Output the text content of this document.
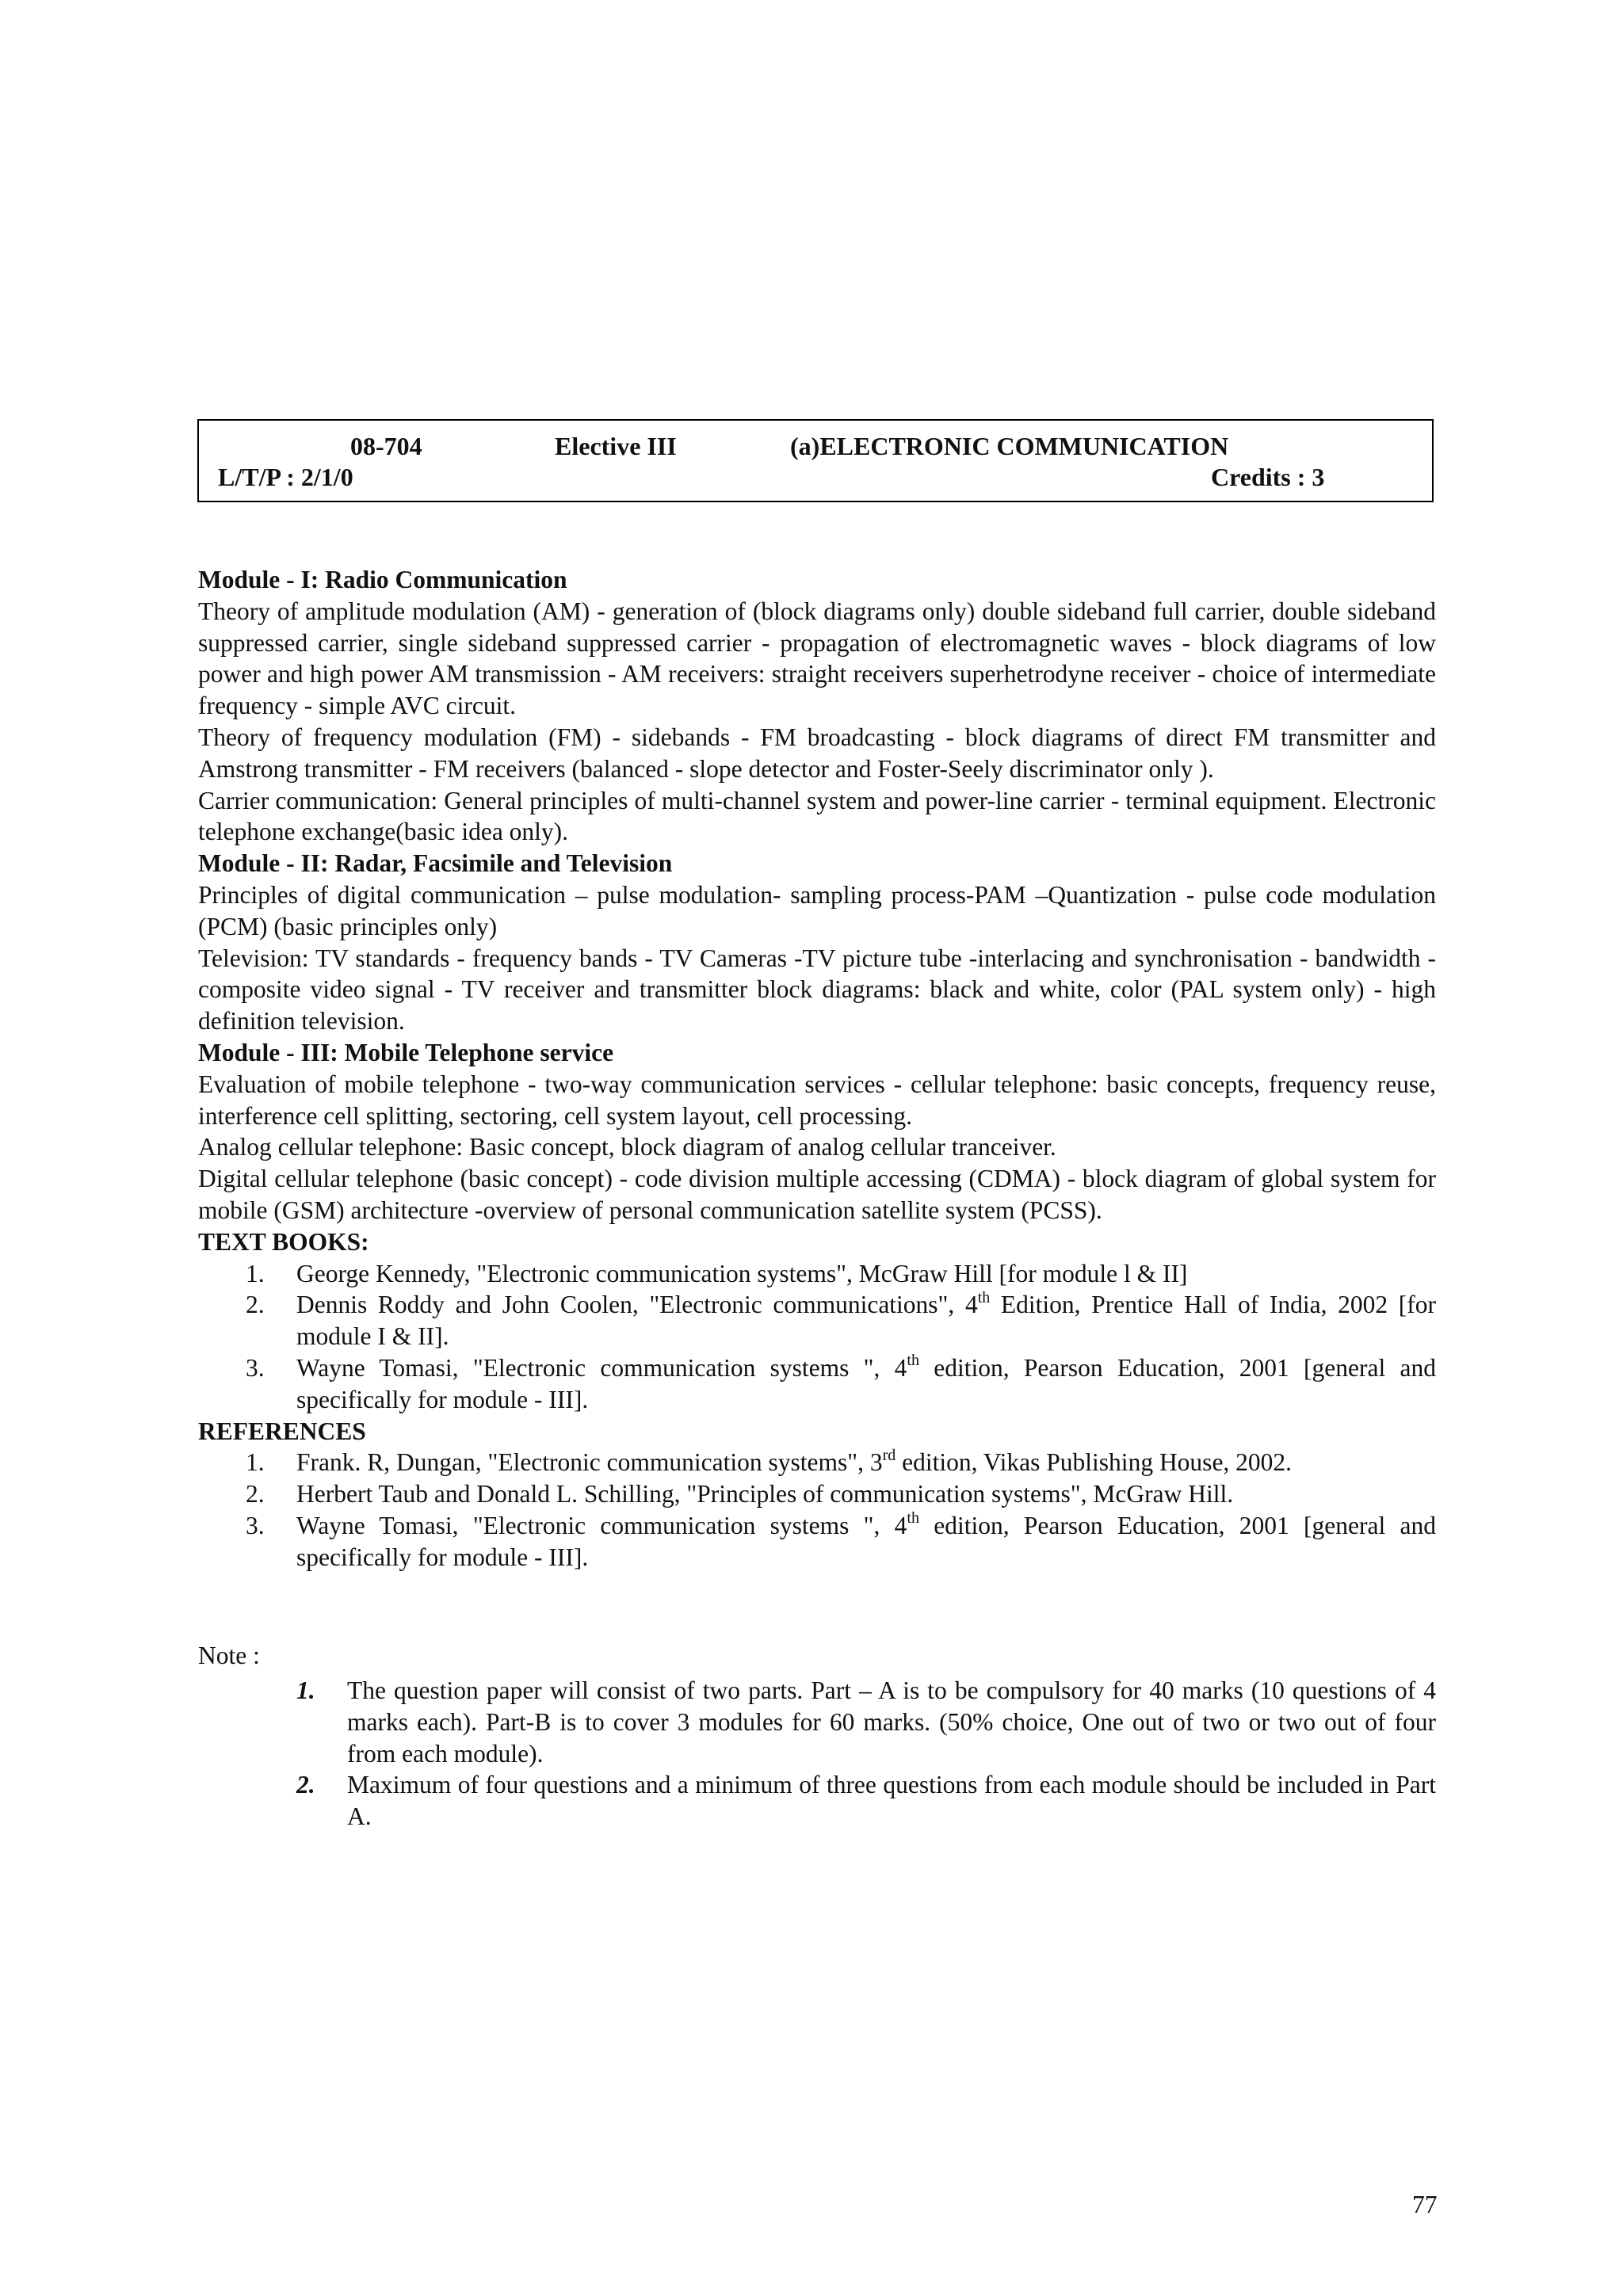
08-704	Elective III	(a)ELECTRONIC COMMUNICATION
L/T/P : 2/1/0	Credits : 3

Module - I: Radio Communication

Theory of amplitude modulation (AM) - generation of (block diagrams only) double sideband full carrier, double sideband suppressed carrier, single sideband suppressed carrier - propagation of electromagnetic waves - block diagrams of low power and high power AM transmission - AM receivers: straight receivers superhetrodyne receiver - choice of intermediate frequency - simple AVC circuit.

Theory of frequency modulation (FM) - sidebands - FM broadcasting - block diagrams of direct FM transmitter and Amstrong transmitter - FM receivers (balanced - slope detector and Foster-Seely discriminator only ).

Carrier communication: General principles of multi-channel system and power-line carrier - terminal equipment. Electronic telephone exchange(basic idea only).

Module - II: Radar, Facsimile and Television

Principles of digital communication – pulse modulation- sampling process-PAM –Quantization - pulse code modulation (PCM) (basic principles only)

Television: TV standards - frequency bands - TV Cameras -TV picture tube -interlacing and synchronisation - bandwidth - composite video signal - TV receiver and transmitter block diagrams: black and white, color (PAL system only) - high definition television.

Module - III: Mobile Telephone service

Evaluation of mobile telephone - two-way communication services - cellular telephone: basic concepts, frequency reuse, interference cell splitting, sectoring, cell system layout, cell processing.

Analog cellular telephone: Basic concept, block diagram of analog cellular tranceiver.

Digital cellular telephone (basic concept) - code division multiple accessing (CDMA) - block diagram of global system for mobile (GSM) architecture -overview of personal communication satellite system (PCSS).

TEXT BOOKS:

1. George Kennedy, "Electronic communication systems", McGraw Hill [for module l & II]
2. Dennis Roddy and John Coolen, "Electronic communications", 4th Edition, Prentice Hall of India, 2002 [for module I & II].
3. Wayne Tomasi, "Electronic communication systems ", 4th edition, Pearson Education, 2001 [general and specifically for module - III].

REFERENCES

1. Frank. R, Dungan, "Electronic communication systems", 3rd edition, Vikas Publishing House, 2002.
2. Herbert Taub and Donald L. Schilling, "Principles of communication systems", McGraw Hill.
3. Wayne Tomasi, "Electronic communication systems ", 4th edition, Pearson Education, 2001 [general and specifically for module - III].
Note :
1. The question paper will consist of two parts. Part – A is to be compulsory for 40 marks (10 questions of 4 marks each). Part-B is to cover 3 modules for 60 marks. (50% choice, One out of two or two out of four from each module).
2. Maximum of four questions and a minimum of three questions from each module should be included in Part A.
77
